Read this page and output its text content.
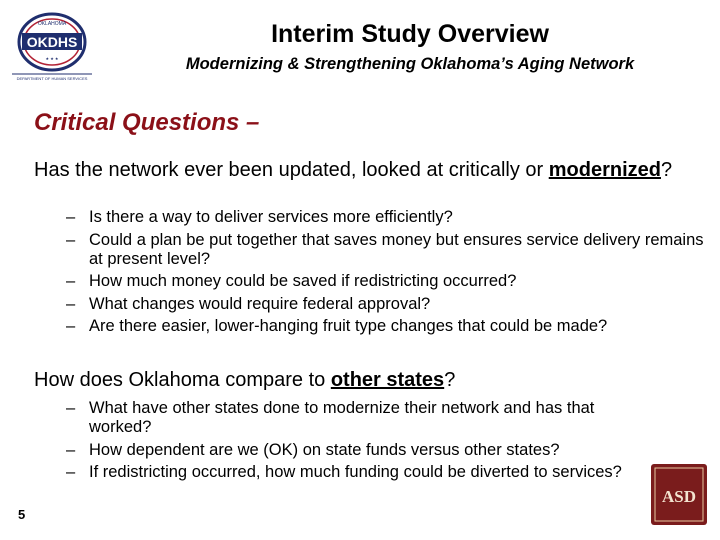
OKLAHOMA
OKDHS
★ ★ ★
DEPARTMENT OF HUMAN SERVICES
Interim Study Overview
Modernizing & Strengthening Oklahoma’s Aging Network
Critical Questions –
Has the network ever been updated, looked at critically or modernized?
– Is there a way to deliver services more efficiently?
– Could a plan be put together that saves money but ensures service delivery remains at present level?
– How much money could be saved if redistricting occurred?
– What changes would require federal approval?
– Are there easier, lower-hanging fruit type changes that could be made?
How does Oklahoma compare to other states?
– What have other states done to modernize their network and has that worked?
– How dependent are we (OK) on state funds versus other states?
– If redistricting occurred, how much funding could be diverted to services?
5
ASD
